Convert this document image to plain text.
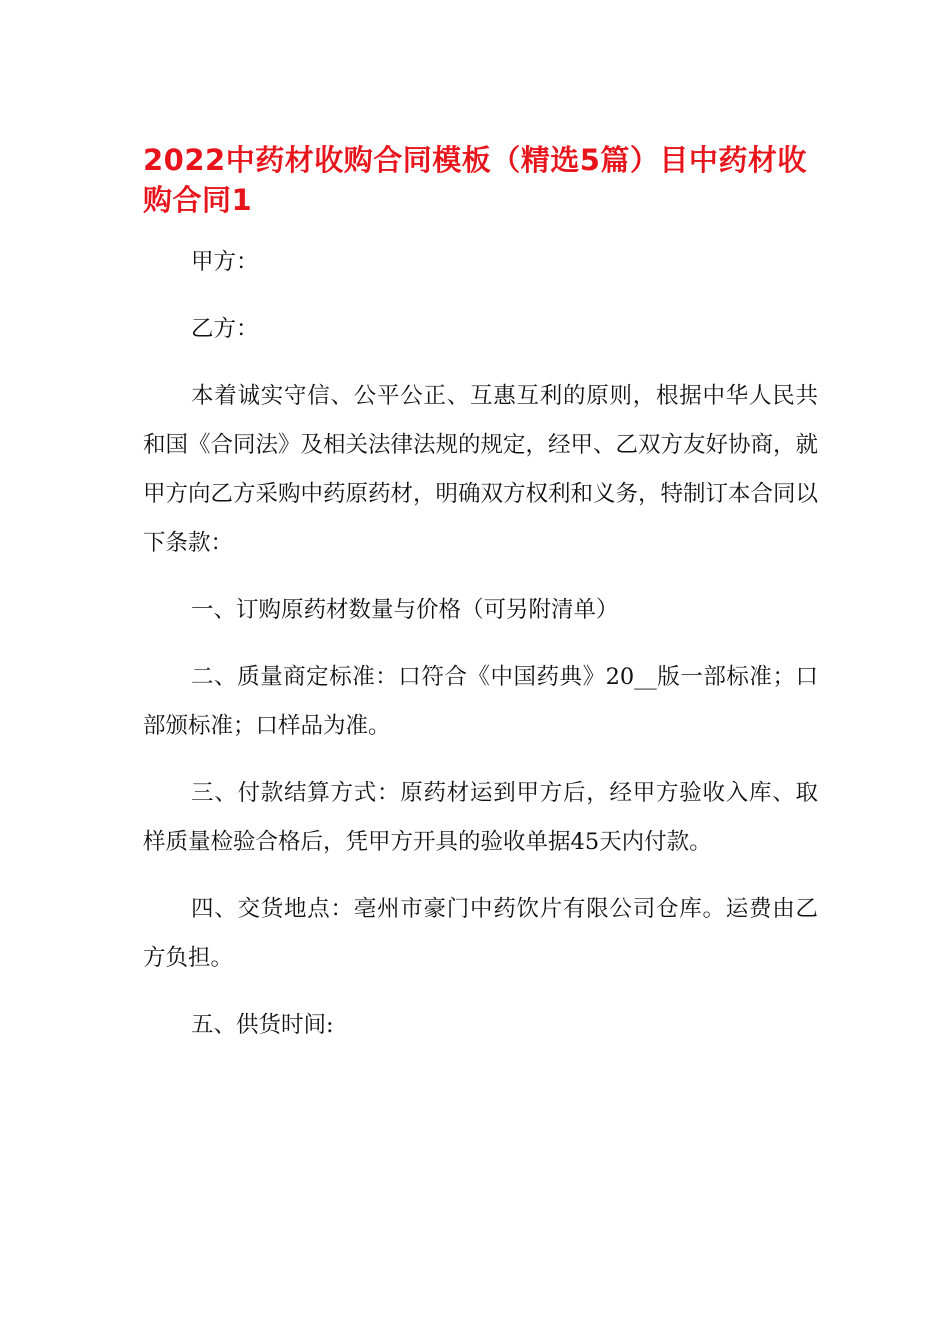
2022中药材收购合同模板（精选5篇）目中药材收购合同1

甲方：

乙方：

本着诚实守信、公平公正、互惠互利的原则，根据中华人民共和国《合同法》及相关法律法规的规定，经甲、乙双方友好协商，就甲方向乙方采购中药原药材，明确双方权利和义务，特制订本合同以下条款：

一、订购原药材数量与价格（可另附清单）

二、质量商定标准：口符合《中国药典》20__版一部标准；口部颁标准；口样品为准。

三、付款结算方式：原药材运到甲方后，经甲方验收入库、取样质量检验合格后，凭甲方开具的验收单据45天内付款。

四、交货地点：亳州市豪门中药饮片有限公司仓库。运费由乙方负担。

五、供货时间:
